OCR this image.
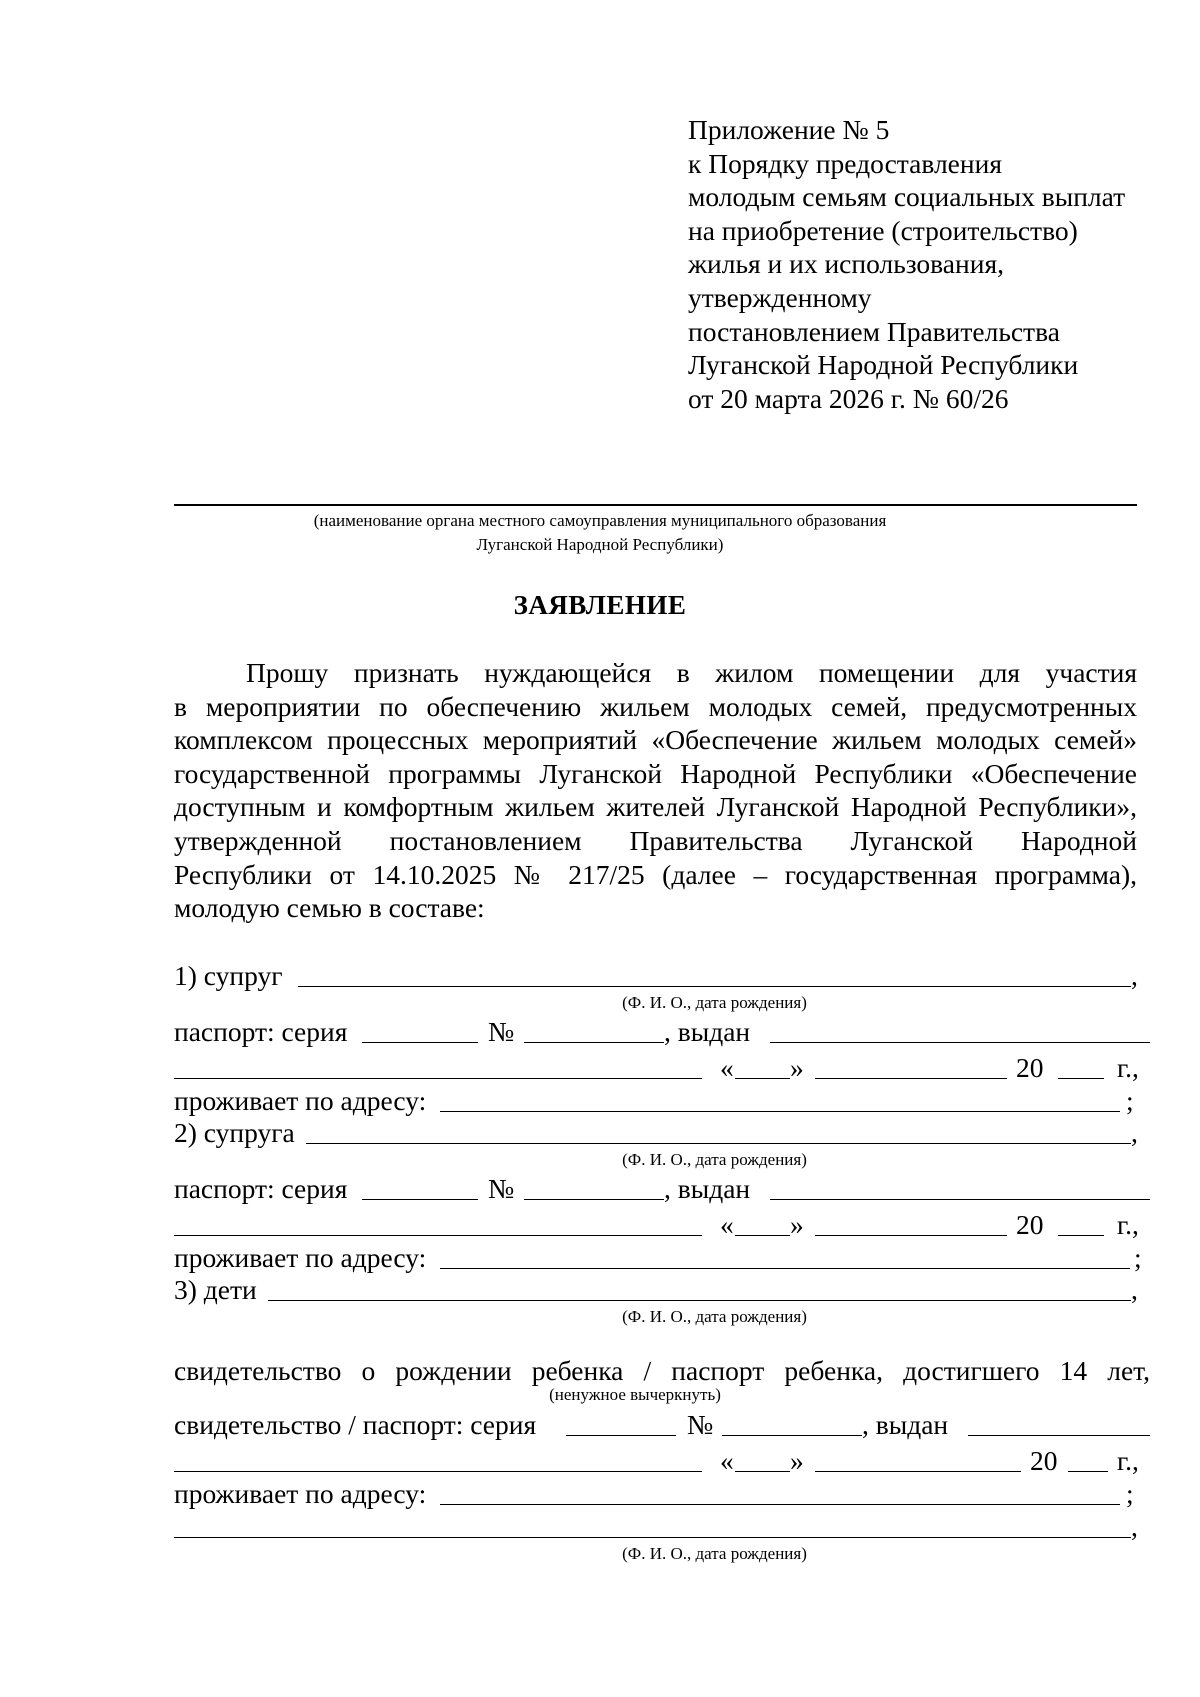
Приложение № 5
к Порядку предоставления
молодым семьям социальных выплат
на приобретение (строительство)
жилья и их использования,
утвержденному
постановлением Правительства
Луганской Народной Республики
от 20 марта 2026 г. № 60/26
(наименование органа местного самоуправления муниципального образования
Луганской Народной Республики)
ЗАЯВЛЕНИЕ
Прошу признать нуждающейся в жилом помещении для участия
в мероприятии по обеспечению жильем молодых семей, предусмотренных
комплексом процессных мероприятий «Обеспечение жильем молодых семей»
государственной программы Луганской Народной Республики «Обеспечение
доступным и комфортным жильем жителей Луганской Народной Республики»,
утвержденной постановлением Правительства Луганской Народной
Республики от 14.10.2025 № 217/25 (далее – государственная программа),
молодую семью в составе:
1) супруг	,
(Ф. И. О., дата рождения)
паспорт: серия	№	, выдан
« »	20	г.,
проживает по адресу:	;
2) супруга	,
(Ф. И. О., дата рождения)
паспорт: серия	№	, выдан
« »	20	г.,
проживает по адресу:	;
3) дети	,
(Ф. И. О., дата рождения)
свидетельство о рождении ребенка / паспорт ребенка, достигшего 14 лет,
(ненужное вычеркнуть)
свидетельство / паспорт: серия	№	, выдан
« »	20 г.,
проживает по адресу:	;
,
(Ф. И. О., дата рождения)
